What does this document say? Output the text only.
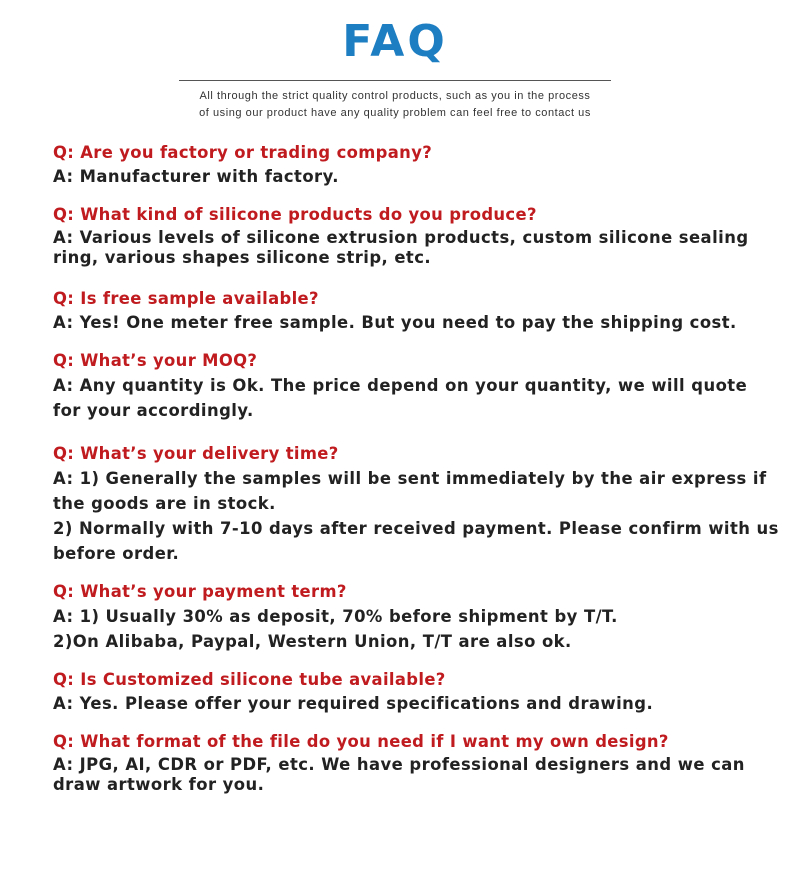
FAQ
All through the strict quality control products, such as you in the process
of using our product have any quality problem can feel free to contact us

Q: Are you factory or trading company?

A: Manufacturer with factory.

Q: What kind of silicone products do you produce?

A: Various levels of silicone extrusion products, custom silicone sealing
ring, various shapes silicone strip, etc.

Q: Is free sample available?

A: Yes! One meter free sample. But you need to pay the shipping cost.

Q: What’s your MOQ?

A: Any quantity is Ok. The price depend on your quantity, we will quote
for your accordingly.

Q: What’s your delivery time?

A: 1) Generally the samples will be sent immediately by the air express if
the goods are in stock.
2) Normally with 7-10 days after received payment. Please confirm with us
before order.

Q: What’s your payment term?

A: 1) Usually 30% as deposit, 70% before shipment by T/T.
2)On Alibaba, Paypal, Western Union, T/T are also ok.

Q: Is Customized silicone tube available?

A: Yes. Please offer your required specifications and drawing.

Q: What format of the file do you need if I want my own design?

A: JPG, AI, CDR or PDF, etc. We have professional designers and we can
draw artwork for you.
